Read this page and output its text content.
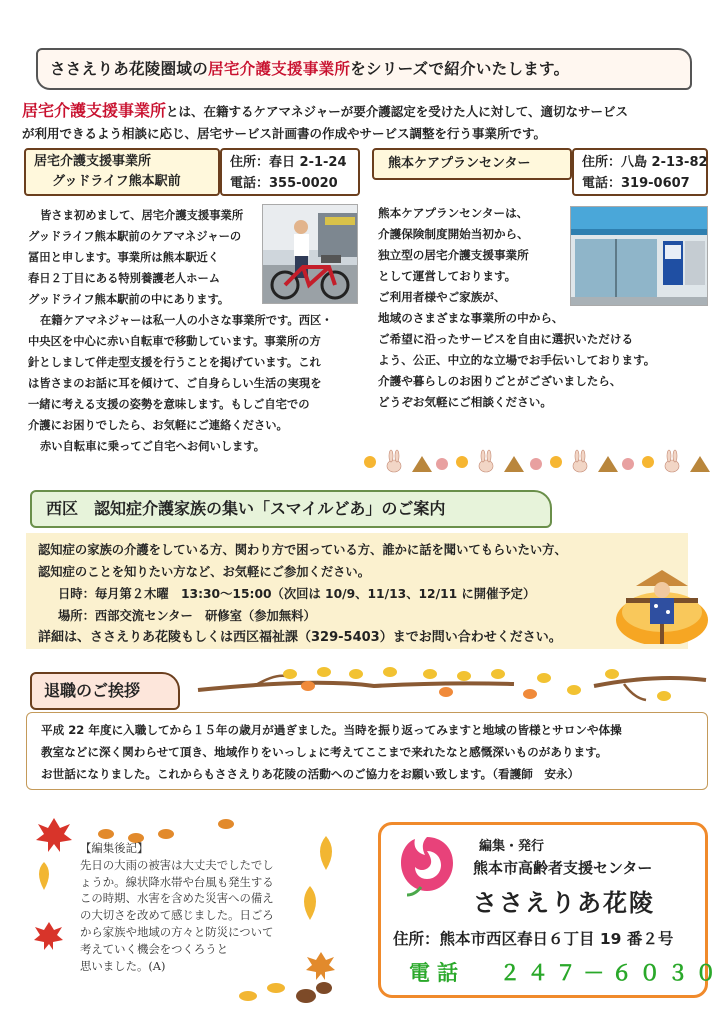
ささえりあ花陵圏域の居宅介護支援事業所をシリーズで紹介いたします。
居宅介護支援事業所とは、在籍するケアマネジャーが要介護認定を受けた人に対して、適切なサービス
が利用できるよう相談に応じ、居宅サービス計画書の作成やサービス調整を行う事業所です。
居宅介護支援事業所
グッドライフ熊本駅前
住所：春日 2-1-24
電話：355-0020
皆さま初めまして、居宅介護支援事業所
グッドライフ熊本駅前のケアマネジャーの
冨田と申します。事業所は熊本駅近く
春日２丁目にある特別養護老人ホーム
グッドライフ熊本駅前の中にあります。
在籍ケアマネジャーは私一人の小さな事業所です。西区・
中央区を中心に赤い自転車で移動しています。事業所の方
針としまして伴走型支援を行うことを掲げています。これ
は皆さまのお話に耳を傾けて、ご自身らしい生活の実現を
一緒に考える支援の姿勢を意味します。もしご自宅での
介護にお困りでしたら、お気軽にご連絡ください。
赤い自転車に乗ってご自宅へお伺いします。
熊本ケアプランセンター	住所：八島 2-13-82
電話：319-0607
熊本ケアプランセンターは、
介護保険制度開始当初から、
独立型の居宅介護支援事業所
として運営しております。
ご利用者様やご家族が、
地域のさまざまな事業所の中から、
ご希望に沿ったサービスを自由に選択いただける
よう、公正、中立的な立場でお手伝いしております。
介護や暮らしのお困りごとがございましたら、
どうぞお気軽にご相談ください。
西区　認知症介護家族の集い「スマイルどあ」のご案内
認知症の家族の介護をしている方、関わり方で困っている方、誰かに話を聞いてもらいたい方、
認知症のことを知りたい方など、お気軽にご参加ください。
日時：毎月第２木曜　13:30～15:00（次回は 10/9、11/13、12/11 に開催予定）
場所：西部交流センター　研修室（参加無料）
詳細は、ささえりあ花陵もしくは西区福祉課（329-5403）までお問い合わせください。
退職のご挨拶
平成 22 年度に入職してから１５年の歳月が過ぎました。当時を振り返ってみますと地域の皆様とサロンや体操
教室などに深く関わらせて頂き、地域作りをいっしょに考えてここまで来れたなと感慨深いものがあります。
お世話になりました。これからもささえりあ花陵の活動へのご協力をお願い致します。（看護師　安永）
【編集後記】
先日の大雨の被害は大丈夫でしたでし
ょうか。線状降水帯や台風も発生する
この時期、水害を含めた災害への備え
の大切さを改めて感じました。日ごろ
から家族や地域の方々と防災について
考えていく機会をつくろうと
思いました。(A)
編集・発行
熊本市高齢者支援センター
ささえりあ花陵
住所：熊本市西区春日６丁目 19 番２号
電話 ２４７－６０３０
